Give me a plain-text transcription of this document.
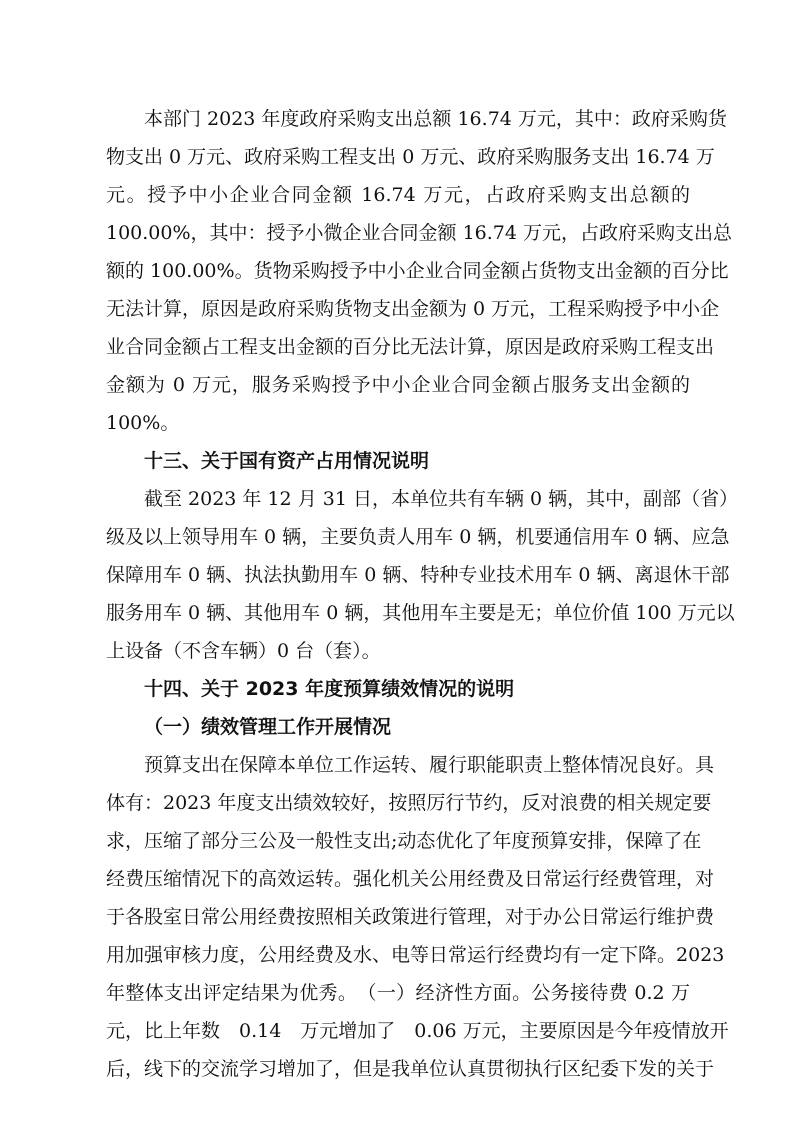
本部门 2023 年度政府采购支出总额 16.74 万元，其中：政府采购货
物支出 0 万元、政府采购工程支出 0 万元、政府采购服务支出 16.74 万
元。授予中小企业合同金额 16.74 万元，占政府采购支出总额的
100.00%，其中：授予小微企业合同金额 16.74 万元，占政府采购支出总
额的 100.00%。货物采购授予中小企业合同金额占货物支出金额的百分比
无法计算，原因是政府采购货物支出金额为 0 万元，工程采购授予中小企
业合同金额占工程支出金额的百分比无法计算，原因是政府采购工程支出
金额为 0 万元，服务采购授予中小企业合同金额占服务支出金额的
100%。
十三、关于国有资产占用情况说明
截至 2023 年 12 月 31 日，本单位共有车辆 0 辆，其中，副部（省）
级及以上领导用车 0 辆，主要负责人用车 0 辆，机要通信用车 0 辆、应急
保障用车 0 辆、执法执勤用车 0 辆、特种专业技术用车 0 辆、离退休干部
服务用车 0 辆、其他用车 0 辆，其他用车主要是无；单位价值 100 万元以
上设备（不含车辆）0 台（套）。
十四、关于 2023 年度预算绩效情况的说明
（一）绩效管理工作开展情况
预算支出在保障本单位工作运转、履行职能职责上整体情况良好。具
体有：2023 年度支出绩效较好，按照厉行节约，反对浪费的相关规定要
求，压缩了部分三公及一般性支出;动态优化了年度预算安排，保障了在
经费压缩情况下的高效运转。强化机关公用经费及日常运行经费管理，对
于各股室日常公用经费按照相关政策进行管理，对于办公日常运行维护费
用加强审核力度，公用经费及水、电等日常运行经费均有一定下降。2023
年整体支出评定结果为优秀。　（一）经济性方面。公务接待费 0.2 万
元，比上年数　0.14　万元增加了　0.06 万元，主要原因是今年疫情放开
后，线下的交流学习增加了，但是我单位认真贯彻执行区纪委下发的关于
